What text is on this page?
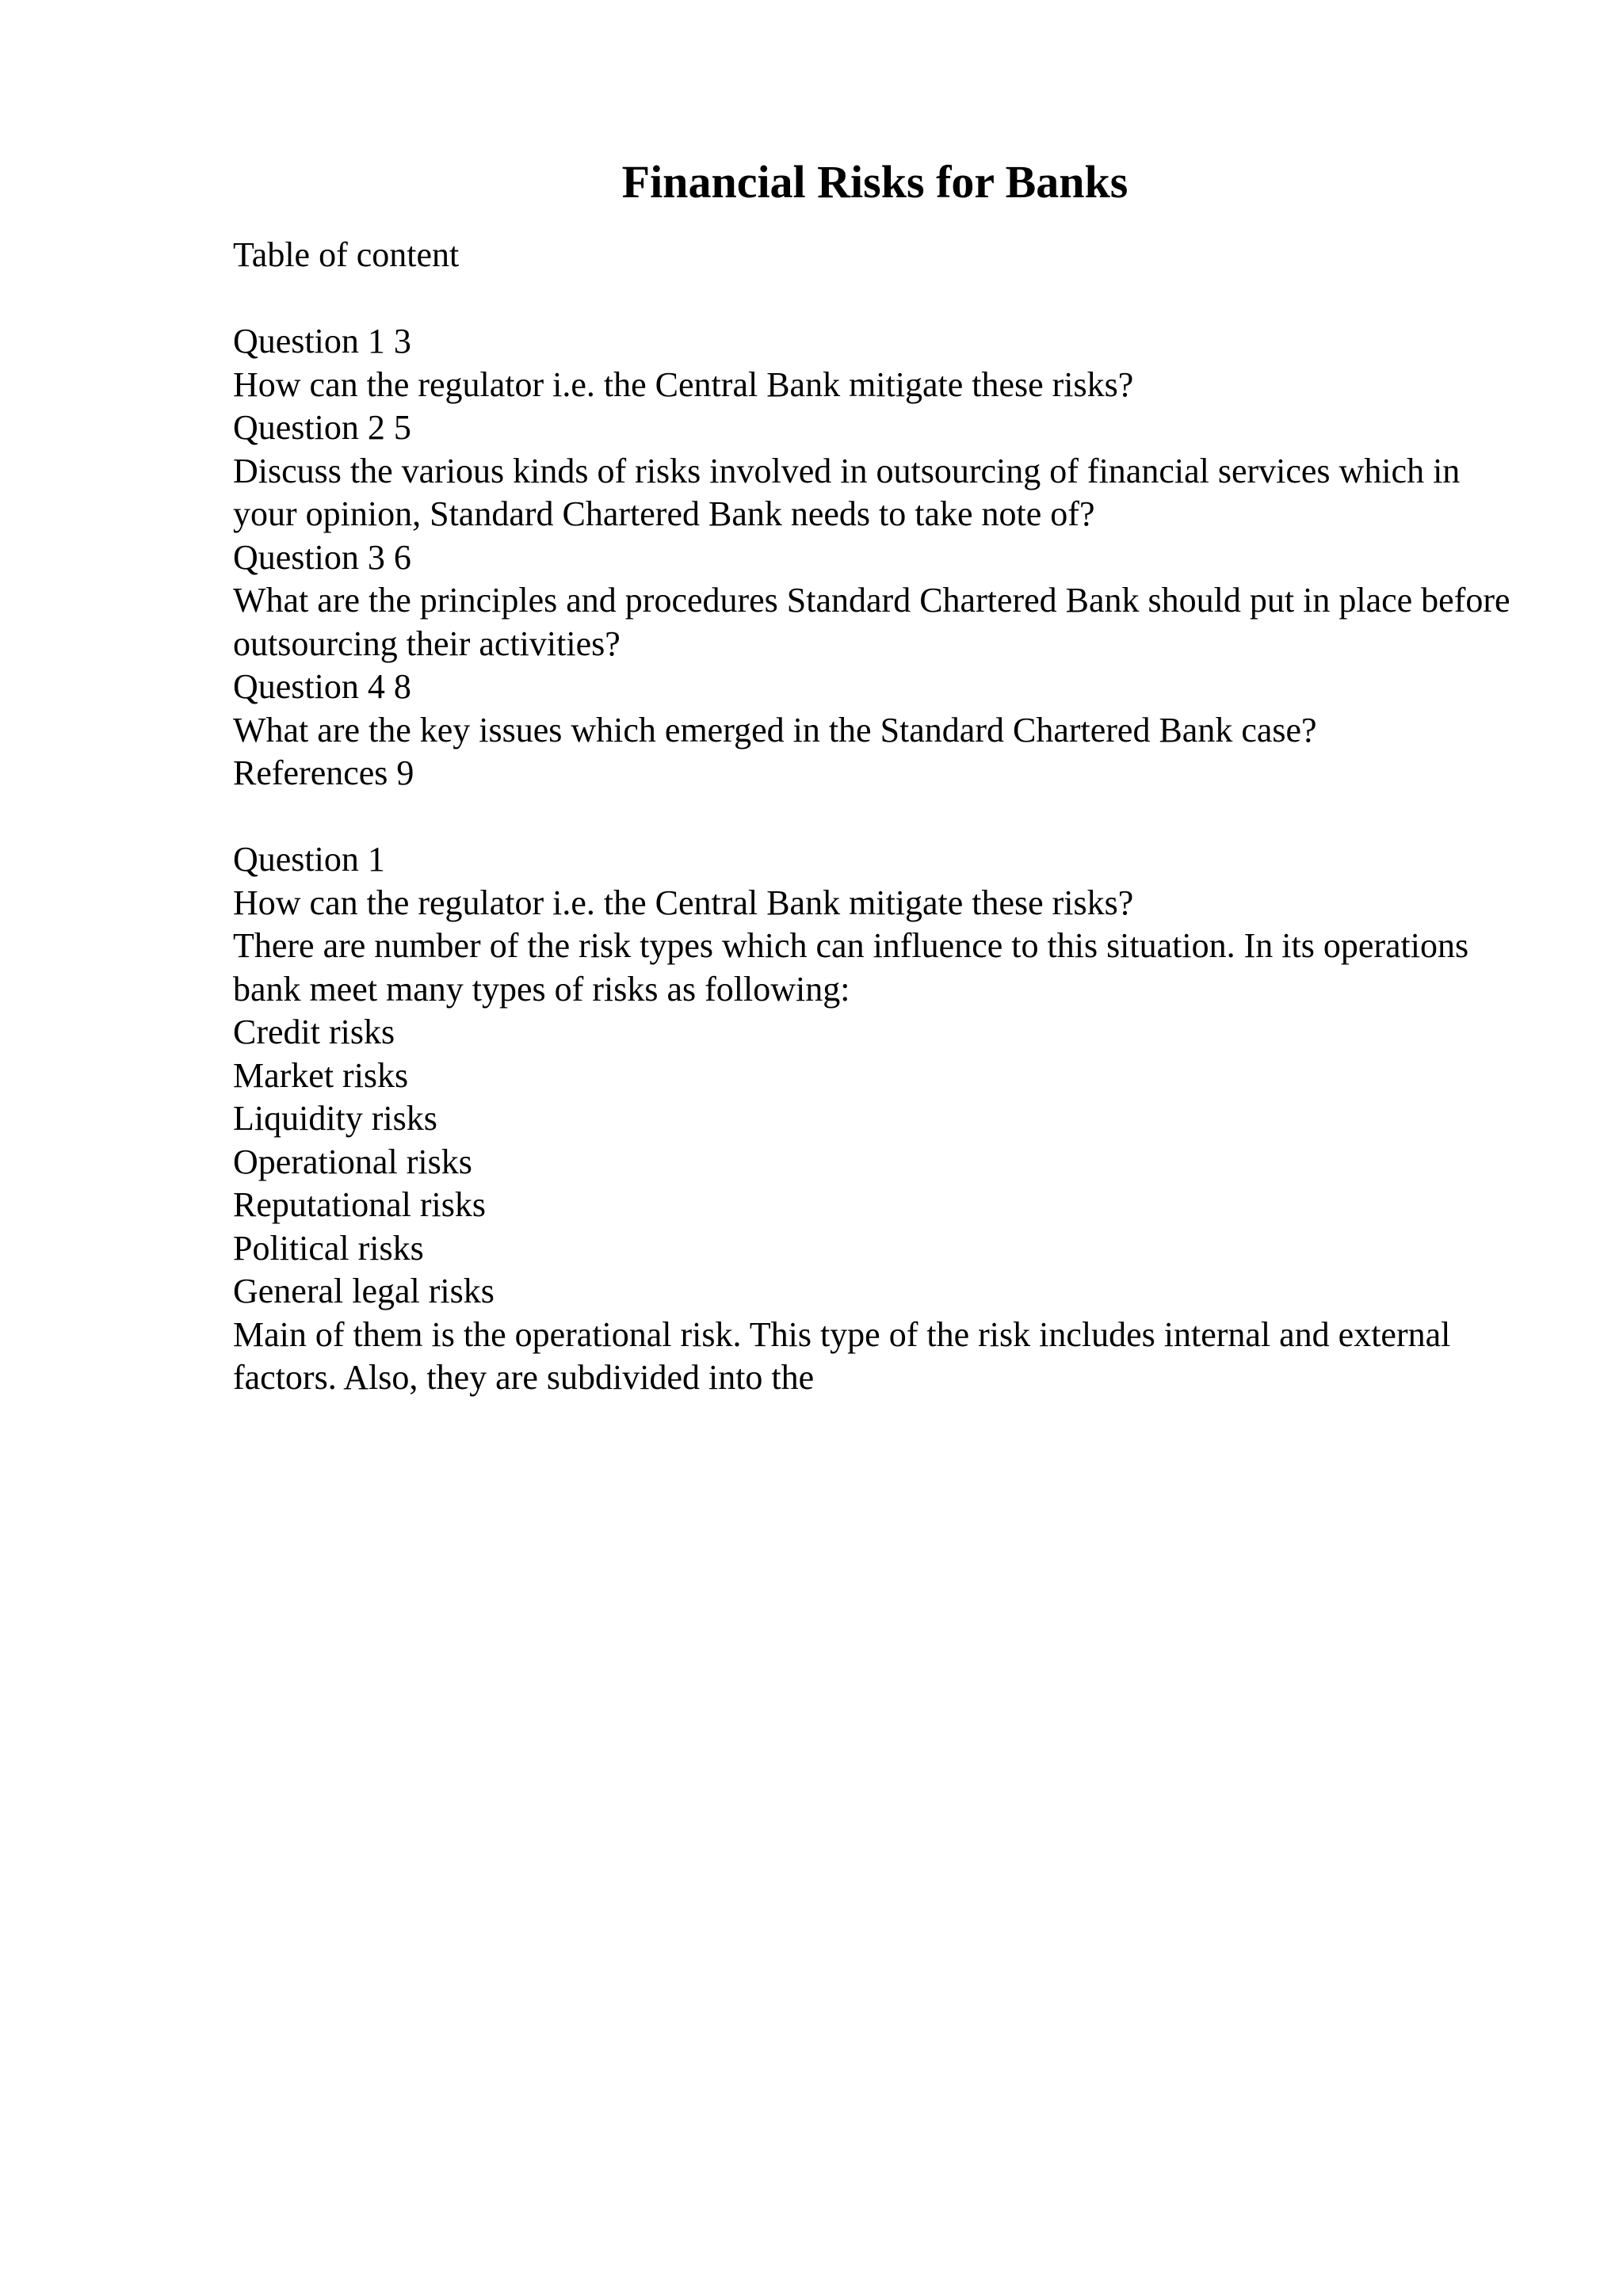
Financial Risks for Banks

Table of content

Question 1 3

How can the regulator i.e. the Central Bank mitigate these risks?

Question 2 5

Discuss the various kinds of risks involved in outsourcing of financial services which in your opinion, Standard Chartered Bank needs to take note of?

Question 3 6

What are the principles and procedures Standard Chartered Bank should put in place before outsourcing their activities?

Question 4 8

What are the key issues which emerged in the Standard Chartered Bank case?

References 9

Question 1

How can the regulator i.e. the Central Bank mitigate these risks?

There are number of the risk types which can influence to this situation. In its operations bank meet many types of risks as following:

Credit risks

Market risks

Liquidity risks

Operational risks

Reputational risks

Political risks

General legal risks

Main of them is the operational risk. This type of the risk includes internal and external factors. Also, they are subdivided into the
